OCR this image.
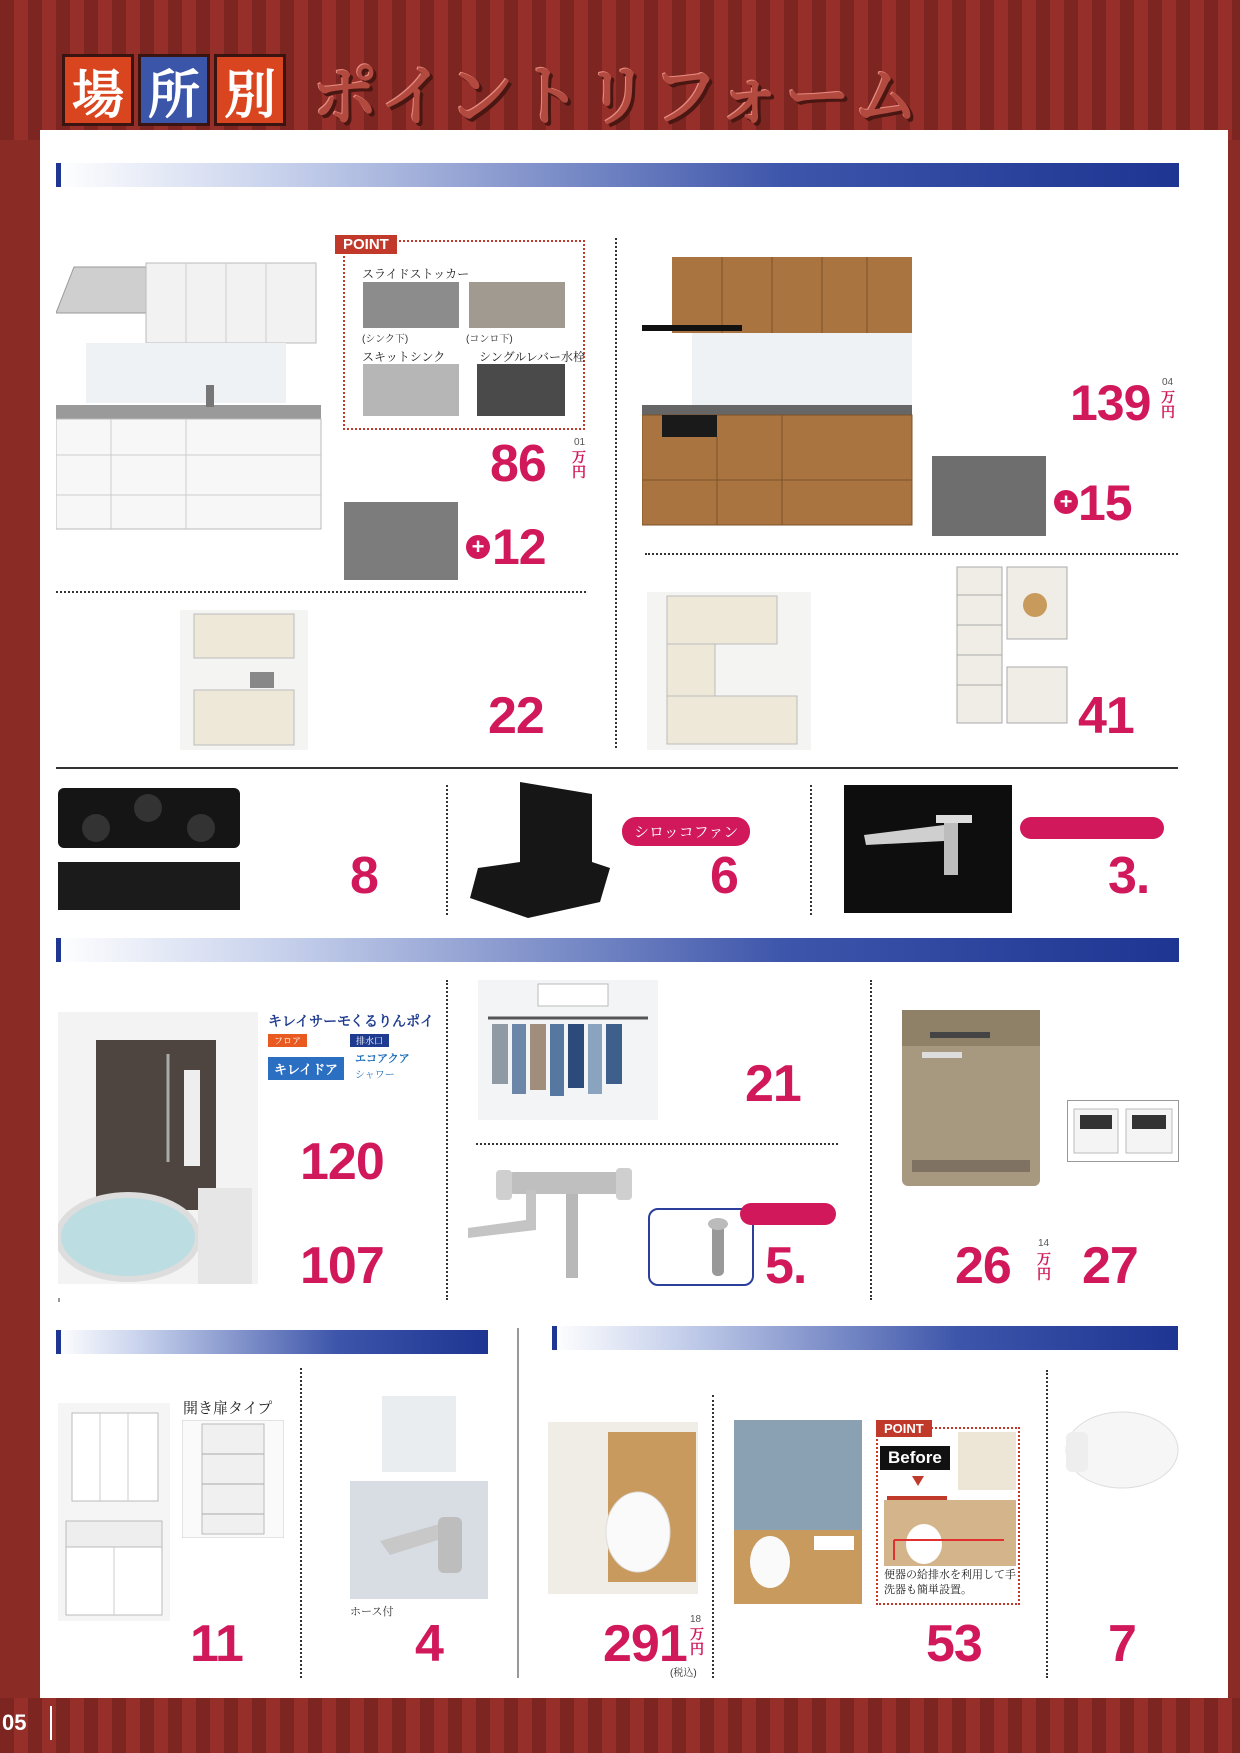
場 所 別 ポイントリフォーム
POINT
スライドストッカー
(シンク下)	(コンロ下)
スキットシンク	シングルレバー水栓
01
86 万円
+ 12
139 04
万円
+ 15
22	41
8
シロッコファン
6	3.
キレイサーモ
フロア
くるりんポイ
排水口
キレイドア
エコアクア
シャワー
120
107
21
5.	26	14
万円 27
開き扉タイプ
11
ホース付
4	291 18
万円
(税込)
POINT
Before
便器の給排水を利用して手洗器も簡単設置。
53 7
05
